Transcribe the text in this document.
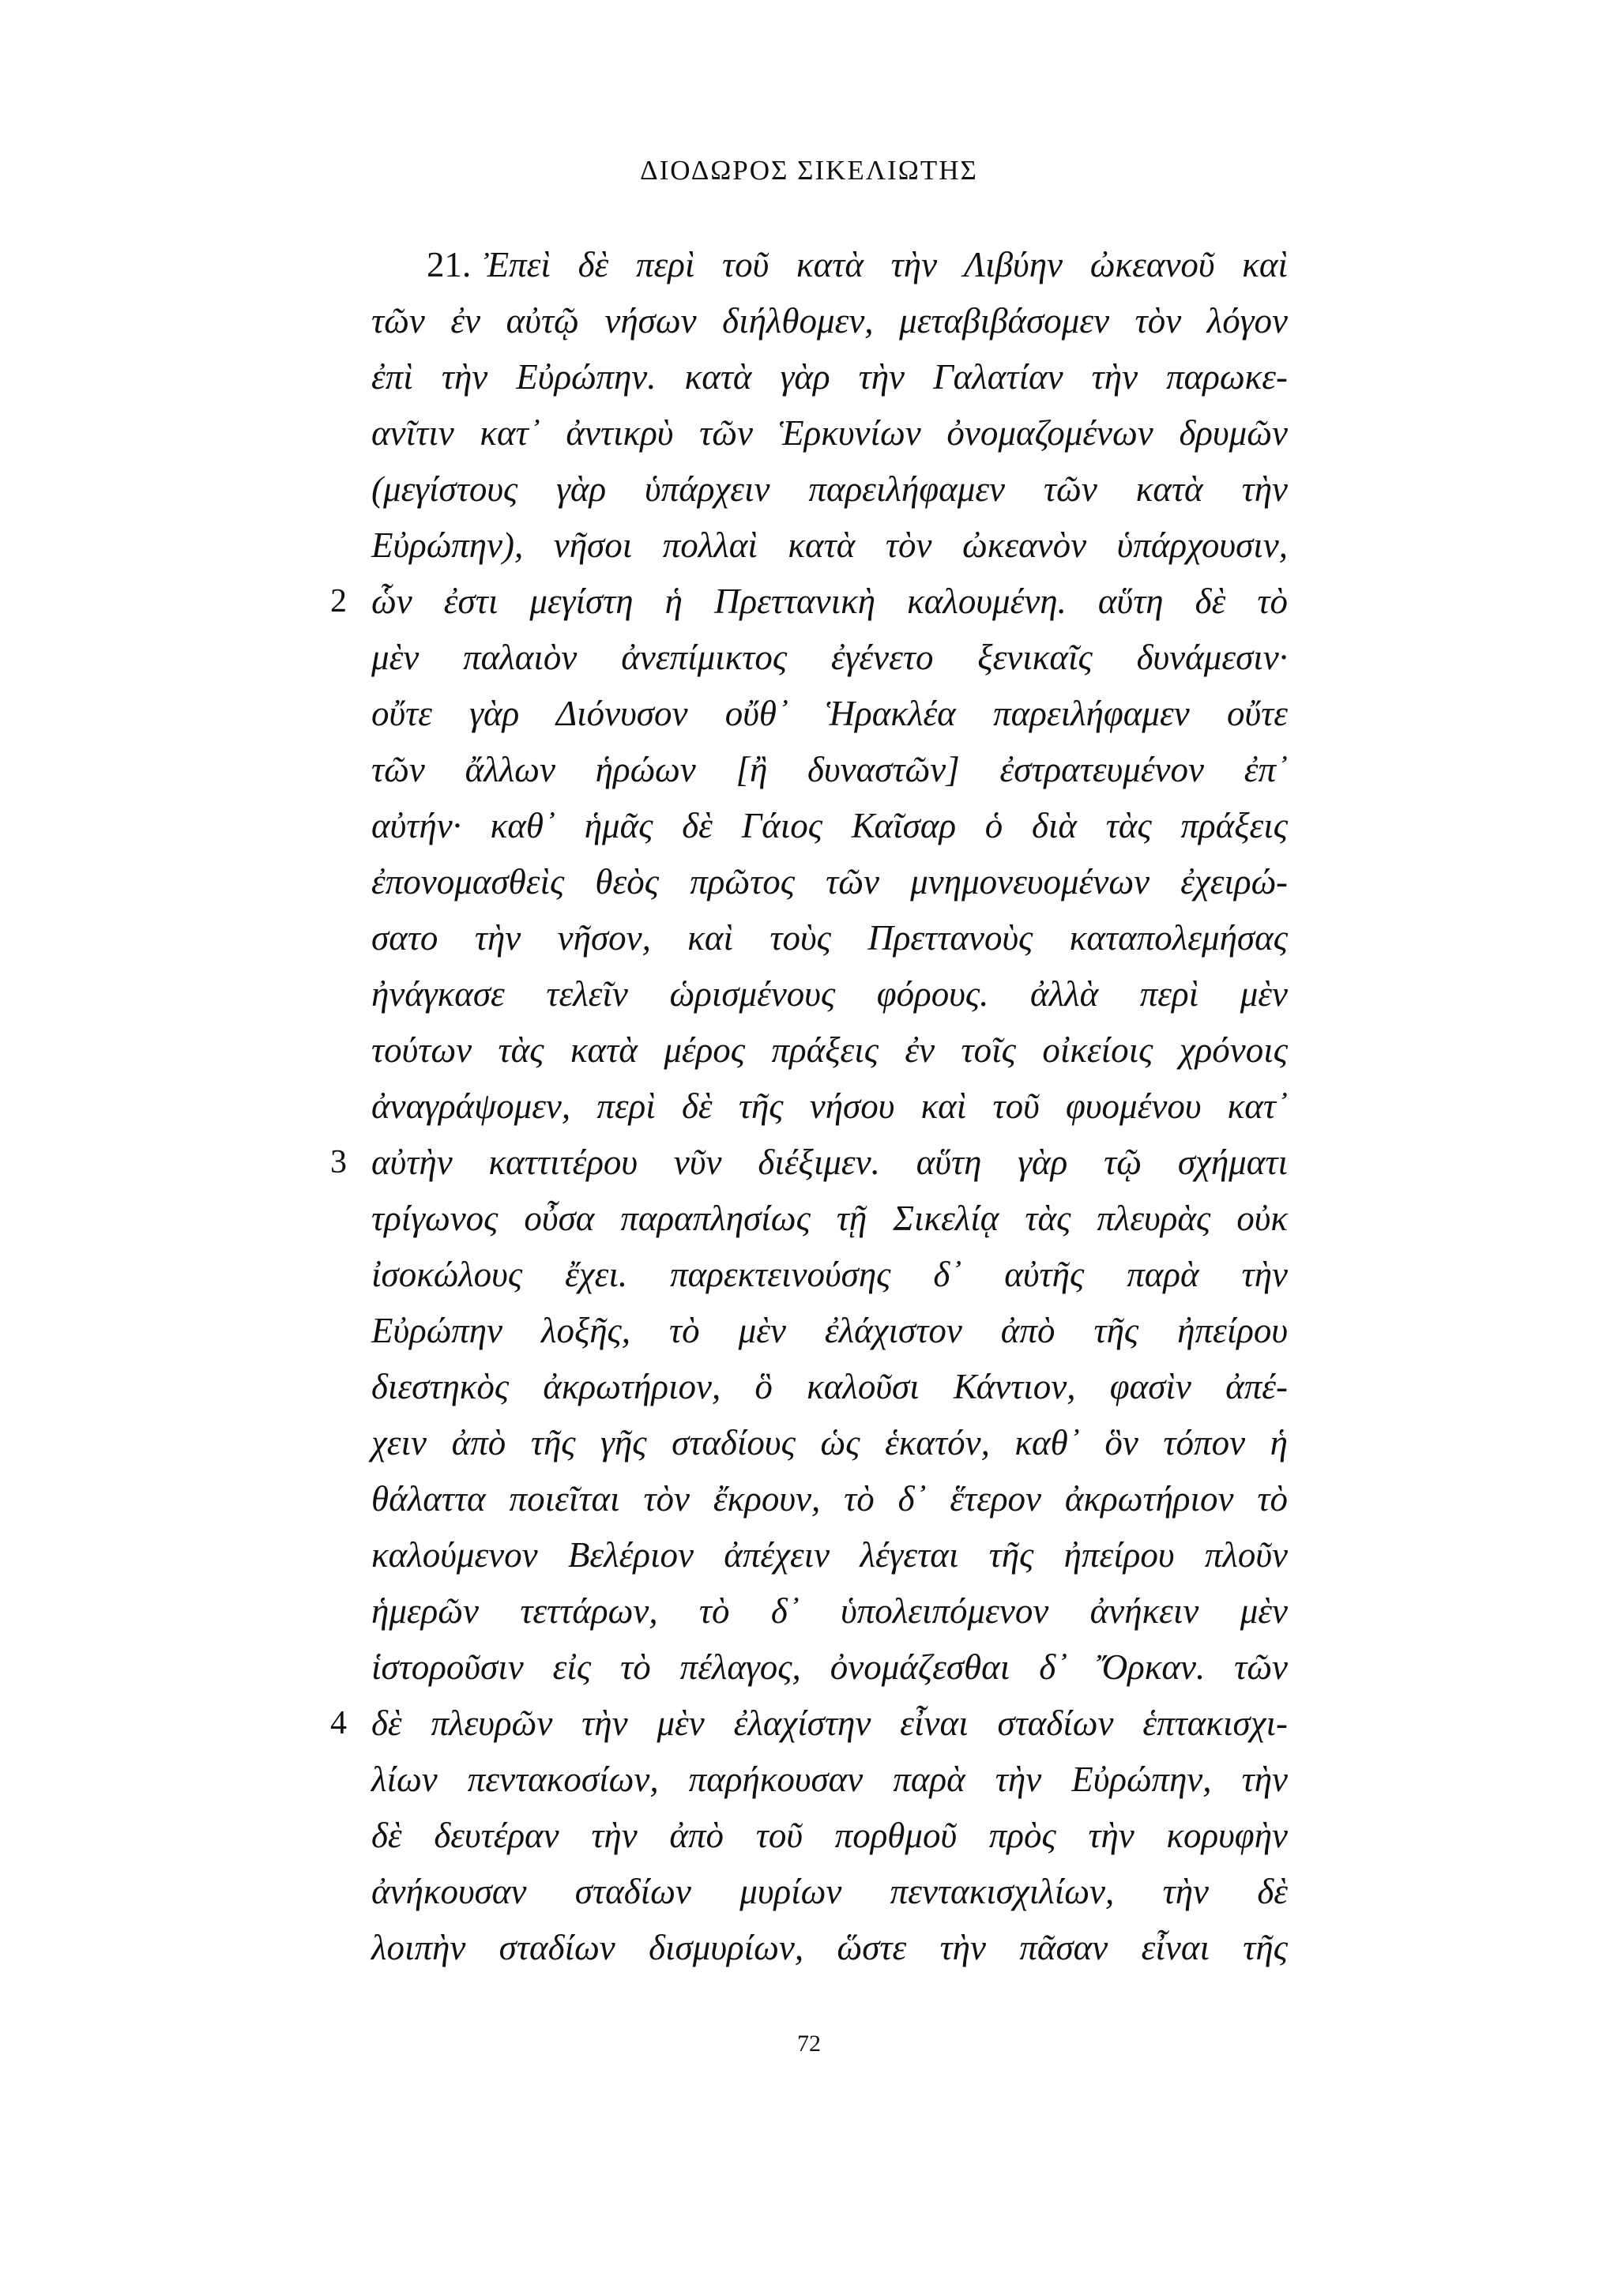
ΔΙΟΔΩΡΟΣ ΣΙΚΕΛΙΩΤΗΣ
21. Ἐπεὶ δὲ περὶ τοῦ κατὰ τὴν Λιβύην ὠκεανοῦ καὶ
τῶν ἐν αὐτῷ νήσων διήλθομεν, μεταβιβάσομεν τὸν λόγον
ἐπὶ τὴν Εὐρώπην. κατὰ γὰρ τὴν Γαλατίαν τὴν παρωκε-
ανῖτιν κατ᾽ ἀντικρὺ τῶν Ἑρκυνίων ὀνομαζομένων δρυμῶν
(μεγίστους γὰρ ὑπάρχειν παρειλήφαμεν τῶν κατὰ τὴν
Εὐρώπην), νῆσοι πολλαὶ κατὰ τὸν ὠκεανὸν ὑπάρχουσιν,
2 ὧν ἐστι μεγίστη ἡ Πρεττανικὴ καλουμένη. αὕτη δὲ τὸ
μὲν παλαιὸν ἀνεπίμικτος ἐγένετο ξενικαῖς δυνάμεσιν·
οὔτε γὰρ Διόνυσον οὔθ᾽ Ἡρακλέα παρειλήφαμεν οὔτε
τῶν ἄλλων ἡρώων [ἢ δυναστῶν] ἐστρατευμένον ἐπ᾽
αὐτήν· καθ᾽ ἡμᾶς δὲ Γάιος Καῖσαρ ὁ διὰ τὰς πράξεις
ἐπονομασθεὶς θεὸς πρῶτος τῶν μνημονευομένων ἐχειρώ-
σατο τὴν νῆσον, καὶ τοὺς Πρεττανοὺς καταπολεμήσας
ἠνάγκασε τελεῖν ὡρισμένους φόρους. ἀλλὰ περὶ μὲν
τούτων τὰς κατὰ μέρος πράξεις ἐν τοῖς οἰκείοις χρόνοις
ἀναγράψομεν, περὶ δὲ τῆς νήσου καὶ τοῦ φυομένου κατ᾽
3 αὐτὴν καττιτέρου νῦν διέξιμεν. αὕτη γὰρ τῷ σχήματι
τρίγωνος οὖσα παραπλησίως τῇ Σικελίᾳ τὰς πλευρὰς οὐκ
ἰσοκώλους ἔχει. παρεκτεινούσης δ᾽ αὐτῆς παρὰ τὴν
Εὐρώπην λοξῆς, τὸ μὲν ἐλάχιστον ἀπὸ τῆς ἠπείρου
διεστηκὸς ἀκρωτήριον, ὃ καλοῦσι Κάντιον, φασὶν ἀπέ-
χειν ἀπὸ τῆς γῆς σταδίους ὡς ἑκατόν, καθ᾽ ὃν τόπον ἡ
θάλαττα ποιεῖται τὸν ἔκρουν, τὸ δ᾽ ἕτερον ἀκρωτήριον τὸ
καλούμενον Βελέριον ἀπέχειν λέγεται τῆς ἠπείρου πλοῦν
ἡμερῶν τεττάρων, τὸ δ᾽ ὑπολειπόμενον ἀνήκειν μὲν
ἱστοροῦσιν εἰς τὸ πέλαγος, ὀνομάζεσθαι δ᾽ Ὄρκαν. τῶν
4 δὲ πλευρῶν τὴν μὲν ἐλαχίστην εἶναι σταδίων ἑπτακισχι-
λίων πεντακοσίων, παρήκουσαν παρὰ τὴν Εὐρώπην, τὴν
δὲ δευτέραν τὴν ἀπὸ τοῦ πορθμοῦ πρὸς τὴν κορυφὴν
ἀνήκουσαν σταδίων μυρίων πεντακισχιλίων, τὴν δὲ
λοιπὴν σταδίων δισμυρίων, ὥστε τὴν πᾶσαν εἶναι τῆς
72
